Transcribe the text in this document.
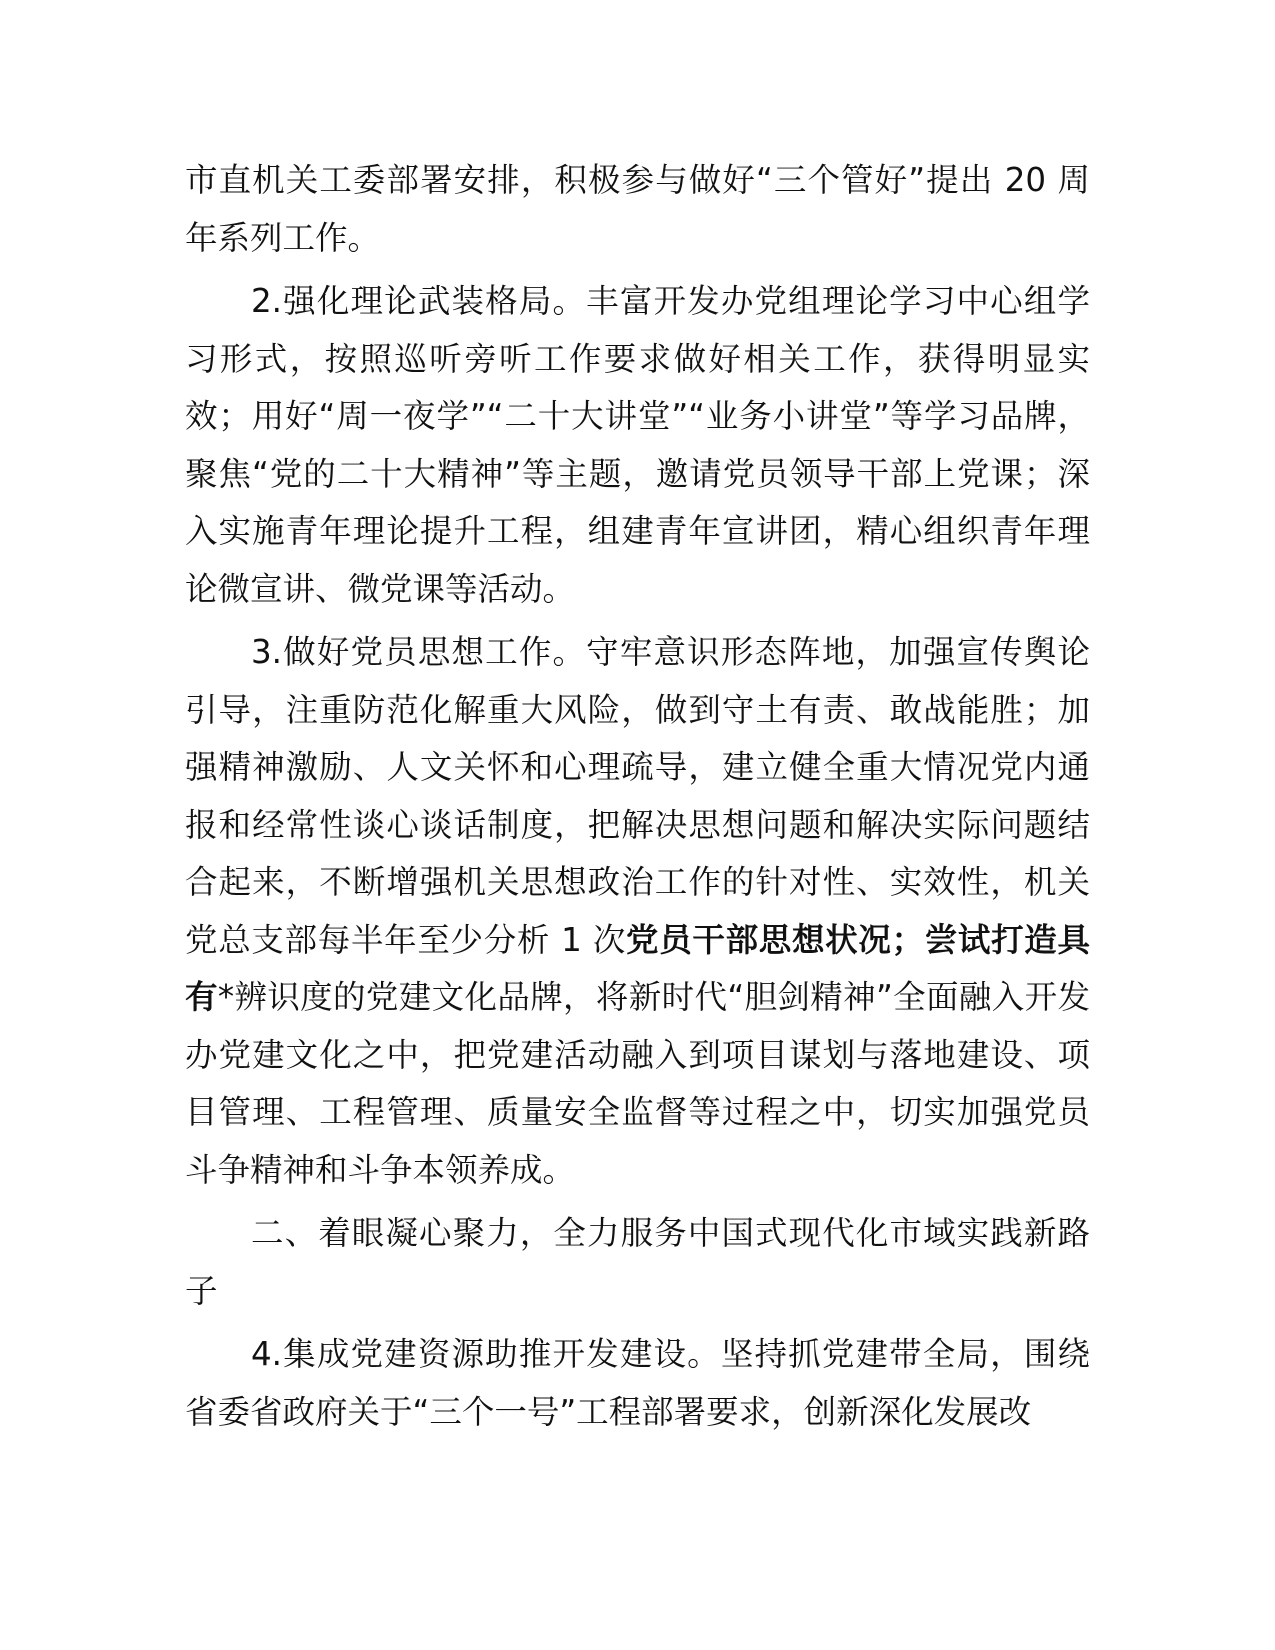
市直机关工委部署安排，积极参与做好“三个管好”提出 20 周年系列工作。

2.强化理论武装格局。丰富开发办党组理论学习中心组学习形式，按照巡听旁听工作要求做好相关工作，获得明显实效；用好“周一夜学”“二十大讲堂”“业务小讲堂”等学习品牌，聚焦“党的二十大精神”等主题，邀请党员领导干部上党课；深入实施青年理论提升工程，组建青年宣讲团，精心组织青年理论微宣讲、微党课等活动。

3.做好党员思想工作。守牢意识形态阵地，加强宣传舆论引导，注重防范化解重大风险，做到守土有责、敢战能胜；加强精神激励、人文关怀和心理疏导，建立健全重大情况党内通报和经常性谈心谈话制度，把解决思想问题和解决实际问题结合起来，不断增强机关思想政治工作的针对性、实效性，机关党总支部每半年至少分析 1 次党员干部思想状况；尝试打造具有*辨识度的党建文化品牌，将新时代“胆剑精神”全面融入开发办党建文化之中，把党建活动融入到项目谋划与落地建设、项目管理、工程管理、质量安全监督等过程之中，切实加强党员斗争精神和斗争本领养成。

二、着眼凝心聚力，全力服务中国式现代化市域实践新路子

4.集成党建资源助推开发建设。坚持抓党建带全局，围绕省委省政府关于“三个一号”工程部署要求，创新深化发展改
